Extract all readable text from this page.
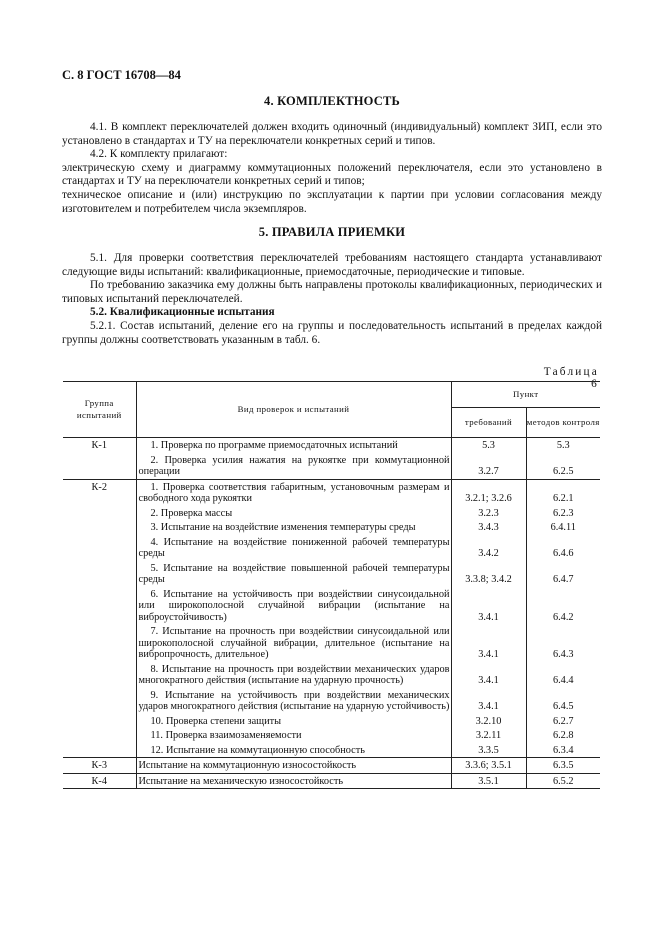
С. 8 ГОСТ 16708—84
4. КОМПЛЕКТНОСТЬ

4.1. В комплект переключателей должен входить одиночный (индивидуальный) комплект ЗИП, если это установлено в стандартах и ТУ на переключатели конкретных серий и типов.

4.2. К комплекту прилагают:

электрическую схему и диаграмму коммутационных положений переключателя, если это установлено в стандартах и ТУ на переключатели конкретных серий и типов;

техническое описание и (или) инструкцию по эксплуатации к партии при условии согласования между изготовителем и потребителем числа экземпляров.

5. ПРАВИЛА ПРИЕМКИ

5.1. Для проверки соответствия переключателей требованиям настоящего стандарта устанавливают следующие виды испытаний: квалификационные, приемосдаточные, периодические и типовые.

По требованию заказчика ему должны быть направлены протоколы квалификационных, периодических и типовых испытаний переключателей.

5.2. Квалификационные испытания

5.2.1. Состав испытаний, деление его на группы и последовательность испытаний в пределах каждой группы должны соответствовать указанным в табл. 6.

Таблица 6
Группа испытаний	Вид проверок и испытаний	Пункт	
		требований	методов контроля
К-1	1. Проверка по программе приемосдаточных испытаний	5.3	5.3
	2. Проверка усилия нажатия на рукоятке при коммутационной операции	3.2.7	6.2.5
К-2	1. Проверка соответствия габаритным, установочным размерам и свободного хода рукоятки	3.2.1; 3.2.6	6.2.1
	2. Проверка массы	3.2.3	6.2.3
	3. Испытание на воздействие изменения температуры среды	3.4.3	6.4.11
	4. Испытание на воздействие пониженной рабочей температуры среды	3.4.2	6.4.6
	5. Испытание на воздействие повышенной рабочей температуры среды	3.3.8; 3.4.2	6.4.7
	6. Испытание на устойчивость при воздействии синусоидальной или широкополосной случайной вибрации (испытание на виброустойчивость)	3.4.1	6.4.2
	7. Испытание на прочность при воздействии синусоидальной или широкополосной случайной вибрации, длительное (испытание на вибропрочность, длительное)	3.4.1	6.4.3
	8. Испытание на прочность при воздействии механических ударов многократного действия (испытание на ударную прочность)	3.4.1	6.4.4
	9. Испытание на устойчивость при воздействии механических ударов многократного действия (испытание на ударную устойчивость)	3.4.1	6.4.5
	10. Проверка степени защиты	3.2.10	6.2.7
	11. Проверка взаимозаменяемости	3.2.11	6.2.8
	12. Испытание на коммутационную способность	3.3.5	6.3.4
К-3	Испытание на коммутационную износостойкость	3.3.6; 3.5.1	6.3.5
К-4	Испытание на механическую износостойкость	3.5.1	6.5.2
